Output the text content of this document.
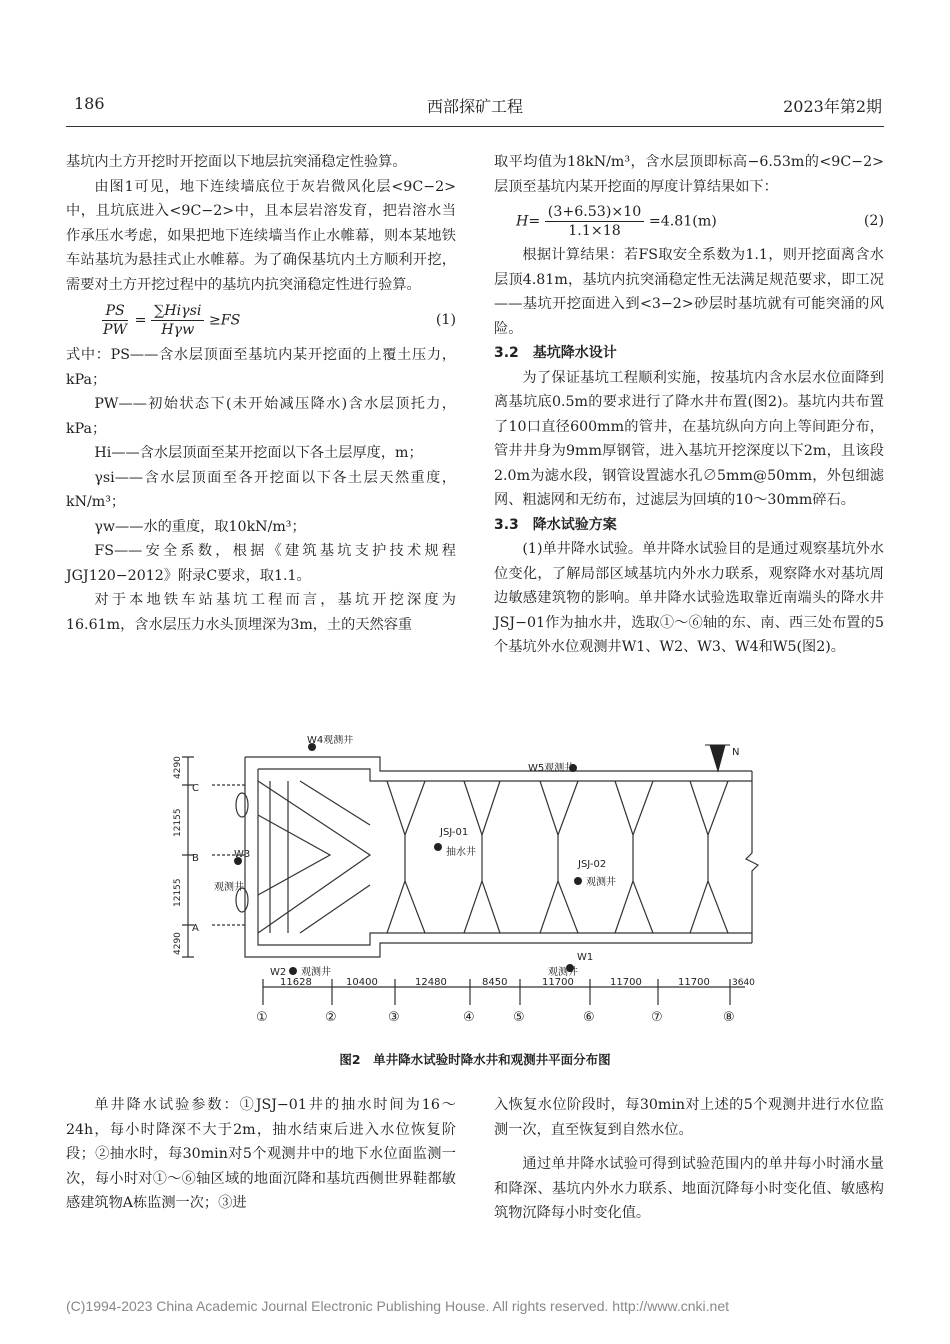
186	西部探矿工程	2023年第2期

基坑内土方开挖时开挖面以下地层抗突涌稳定性验算。

由图1可见，地下连续墙底位于灰岩微风化层<9C−2>中，且坑底进入<9C−2>中，且本层岩溶发育，把岩溶水当作承压水考虑，如果把地下连续墙当作止水帷幕，则本某地铁车站基坑为悬挂式止水帷幕。为了确保基坑内土方顺利开挖，需要对土方开挖过程中的基坑内抗突涌稳定性进行验算。

$\frac{PS}{PW} = \frac{\text{∑Hiγsi}}{\text{Hγw}} \ge FS$	(1)

式中：PS——含水层顶面至基坑内某开挖面的上覆土压力，kPa；

PW——初始状态下(未开始减压降水)含水层顶托力，kPa；

Hi——含水层顶面至某开挖面以下各土层厚度，m；

γsi——含水层顶面至各开挖面以下各土层天然重度，kN/m³；

γw——水的重度，取10kN/m³；

FS——安全系数，根据《建筑基坑支护技术规程JGJ120−2012》附录C要求，取1.1。

对于本地铁车站基坑工程而言，基坑开挖深度为16.61m，含水层压力水头顶埋深为3m，土的天然容重

取平均值为18kN/m³，含水层顶即标高−6.53m的<9C−2>层顶至基坑内某开挖面的厚度计算结果如下：

$H= \frac{(3+6.53)\times 10}{1.1\times 18} =4.81(m)$	(2)

根据计算结果：若FS取安全系数为1.1，则开挖面离含水层顶4.81m，基坑内抗突涌稳定性无法满足规范要求，即工况——基坑开挖面进入到<3−2>砂层时基坑就有可能突涌的风险。

3.2　基坑降水设计

为了保证基坑工程顺利实施，按基坑内含水层水位面降到离基坑底0.5m的要求进行了降水井布置(图2)。基坑内共布置了10口直径600mm的管井，在基坑纵向方向上等间距分布，管井井身为9mm厚钢管，进入基坑开挖深度以下2m，且该段2.0m为滤水段，钢管设置滤水孔∅5mm@50mm，外包细滤网、粗滤网和无纺布，过滤层为回填的10～30mm碎石。

3.3　降水试验方案

(1)单井降水试验。单井降水试验目的是通过观察基坑外水位变化，了解局部区域基坑内外水力联系，观察降水对基坑周边敏感建筑物的影响。单井降水试验选取靠近南端头的降水井JSJ−01作为抽水井，选取①～⑥轴的东、南、西三处布置的5个基坑外水位观测井W1、W2、W3、W4和W5(图2)。

W4观测井
W5观测井
W3
观测井
W2 观测井
W1
观测井
JSJ-01
抽水井
JSJ-02
观测井
N
C
B
A
4290
12155
12155
4290
11628	10400	12480	8450	11700	11700	11700 3640
①	②	③	④	⑤	⑥	⑦	⑧
图2　单井降水试验时降水井和观测井平面分布图

单井降水试验参数：①JSJ−01井的抽水时间为16～24h，每小时降深不大于2m，抽水结束后进入水位恢复阶段；②抽水时，每30min对5个观测井中的地下水位面监测一次，每小时对①～⑥轴区域的地面沉降和基坑西侧世界鞋都敏感建筑物A栋监测一次；③进

入恢复水位阶段时，每30min对上述的5个观测井进行水位监测一次，直至恢复到自然水位。

通过单井降水试验可得到试验范围内的单井每小时涌水量和降深、基坑内外水力联系、地面沉降每小时变化值、敏感构筑物沉降每小时变化值。

(C)1994-2023 China Academic Journal Electronic Publishing House. All rights reserved. http://www.cnki.net
